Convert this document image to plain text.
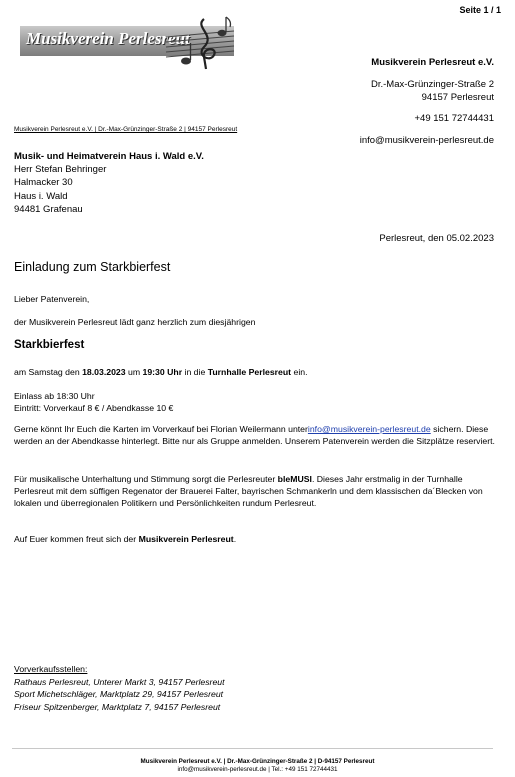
Seite 1 / 1
Musikverein Perlesreut
Musikverein Perlesreut e.V.
Dr.-Max-Grünzinger-Straße 2
94157 Perlesreut
+49 151 72744431
info@musikverein-perlesreut.de
Musikverein Perlesreut e.V. | Dr.-Max-Grünzinger-Straße 2 | 94157 Perlesreut
Musik- und Heimatverein Haus i. Wald e.V.
Herr Stefan Behringer
Halmacker 30
Haus i. Wald
94481 Grafenau
Perlesreut, den 05.02.2023
Einladung zum Starkbierfest
Lieber Patenverein,
der Musikverein Perlesreut lädt ganz herzlich zum diesjährigen
Starkbierfest
am Samstag den 18.03.2023 um 19:30 Uhr in die Turnhalle Perlesreut ein.
Einlass ab 18:30 Uhr
Eintritt: Vorverkauf 8 € / Abendkasse 10 €
Gerne könnt Ihr Euch die Karten im Vorverkauf bei Florian Weilermann unterinfo@musikverein-perlesreut.de sichern. Diese werden an der Abendkasse hinterlegt. Bitte nur als Gruppe anmelden. Unserem Patenverein werden die Sitzplätze reserviert.
Für musikalische Unterhaltung und Stimmung sorgt die Perlesreuter bleMUSI. Dieses Jahr erstmalig in der Turnhalle Perlesreut mit dem süffigen Regenator der Brauerei Falter, bayrischen Schmankerln und dem klassischen da´Blecken von lokalen und überregionalen Politikern und Persönlichkeiten rundum Perlesreut.
Auf Euer kommen freut sich der Musikverein Perlesreut.
Vorverkaufsstellen:
Rathaus Perlesreut, Unterer Markt 3, 94157 Perlesreut
Sport Michetschläger, Marktplatz 29, 94157 Perlesreut
Friseur Spitzenberger, Marktplatz 7, 94157 Perlesreut
Musikverein Perlesreut e.V. | Dr.-Max-Grünzinger-Straße 2 | D-94157 Perlesreut
info@musikverein-perlesreut.de | Tel.: +49 151 72744431
